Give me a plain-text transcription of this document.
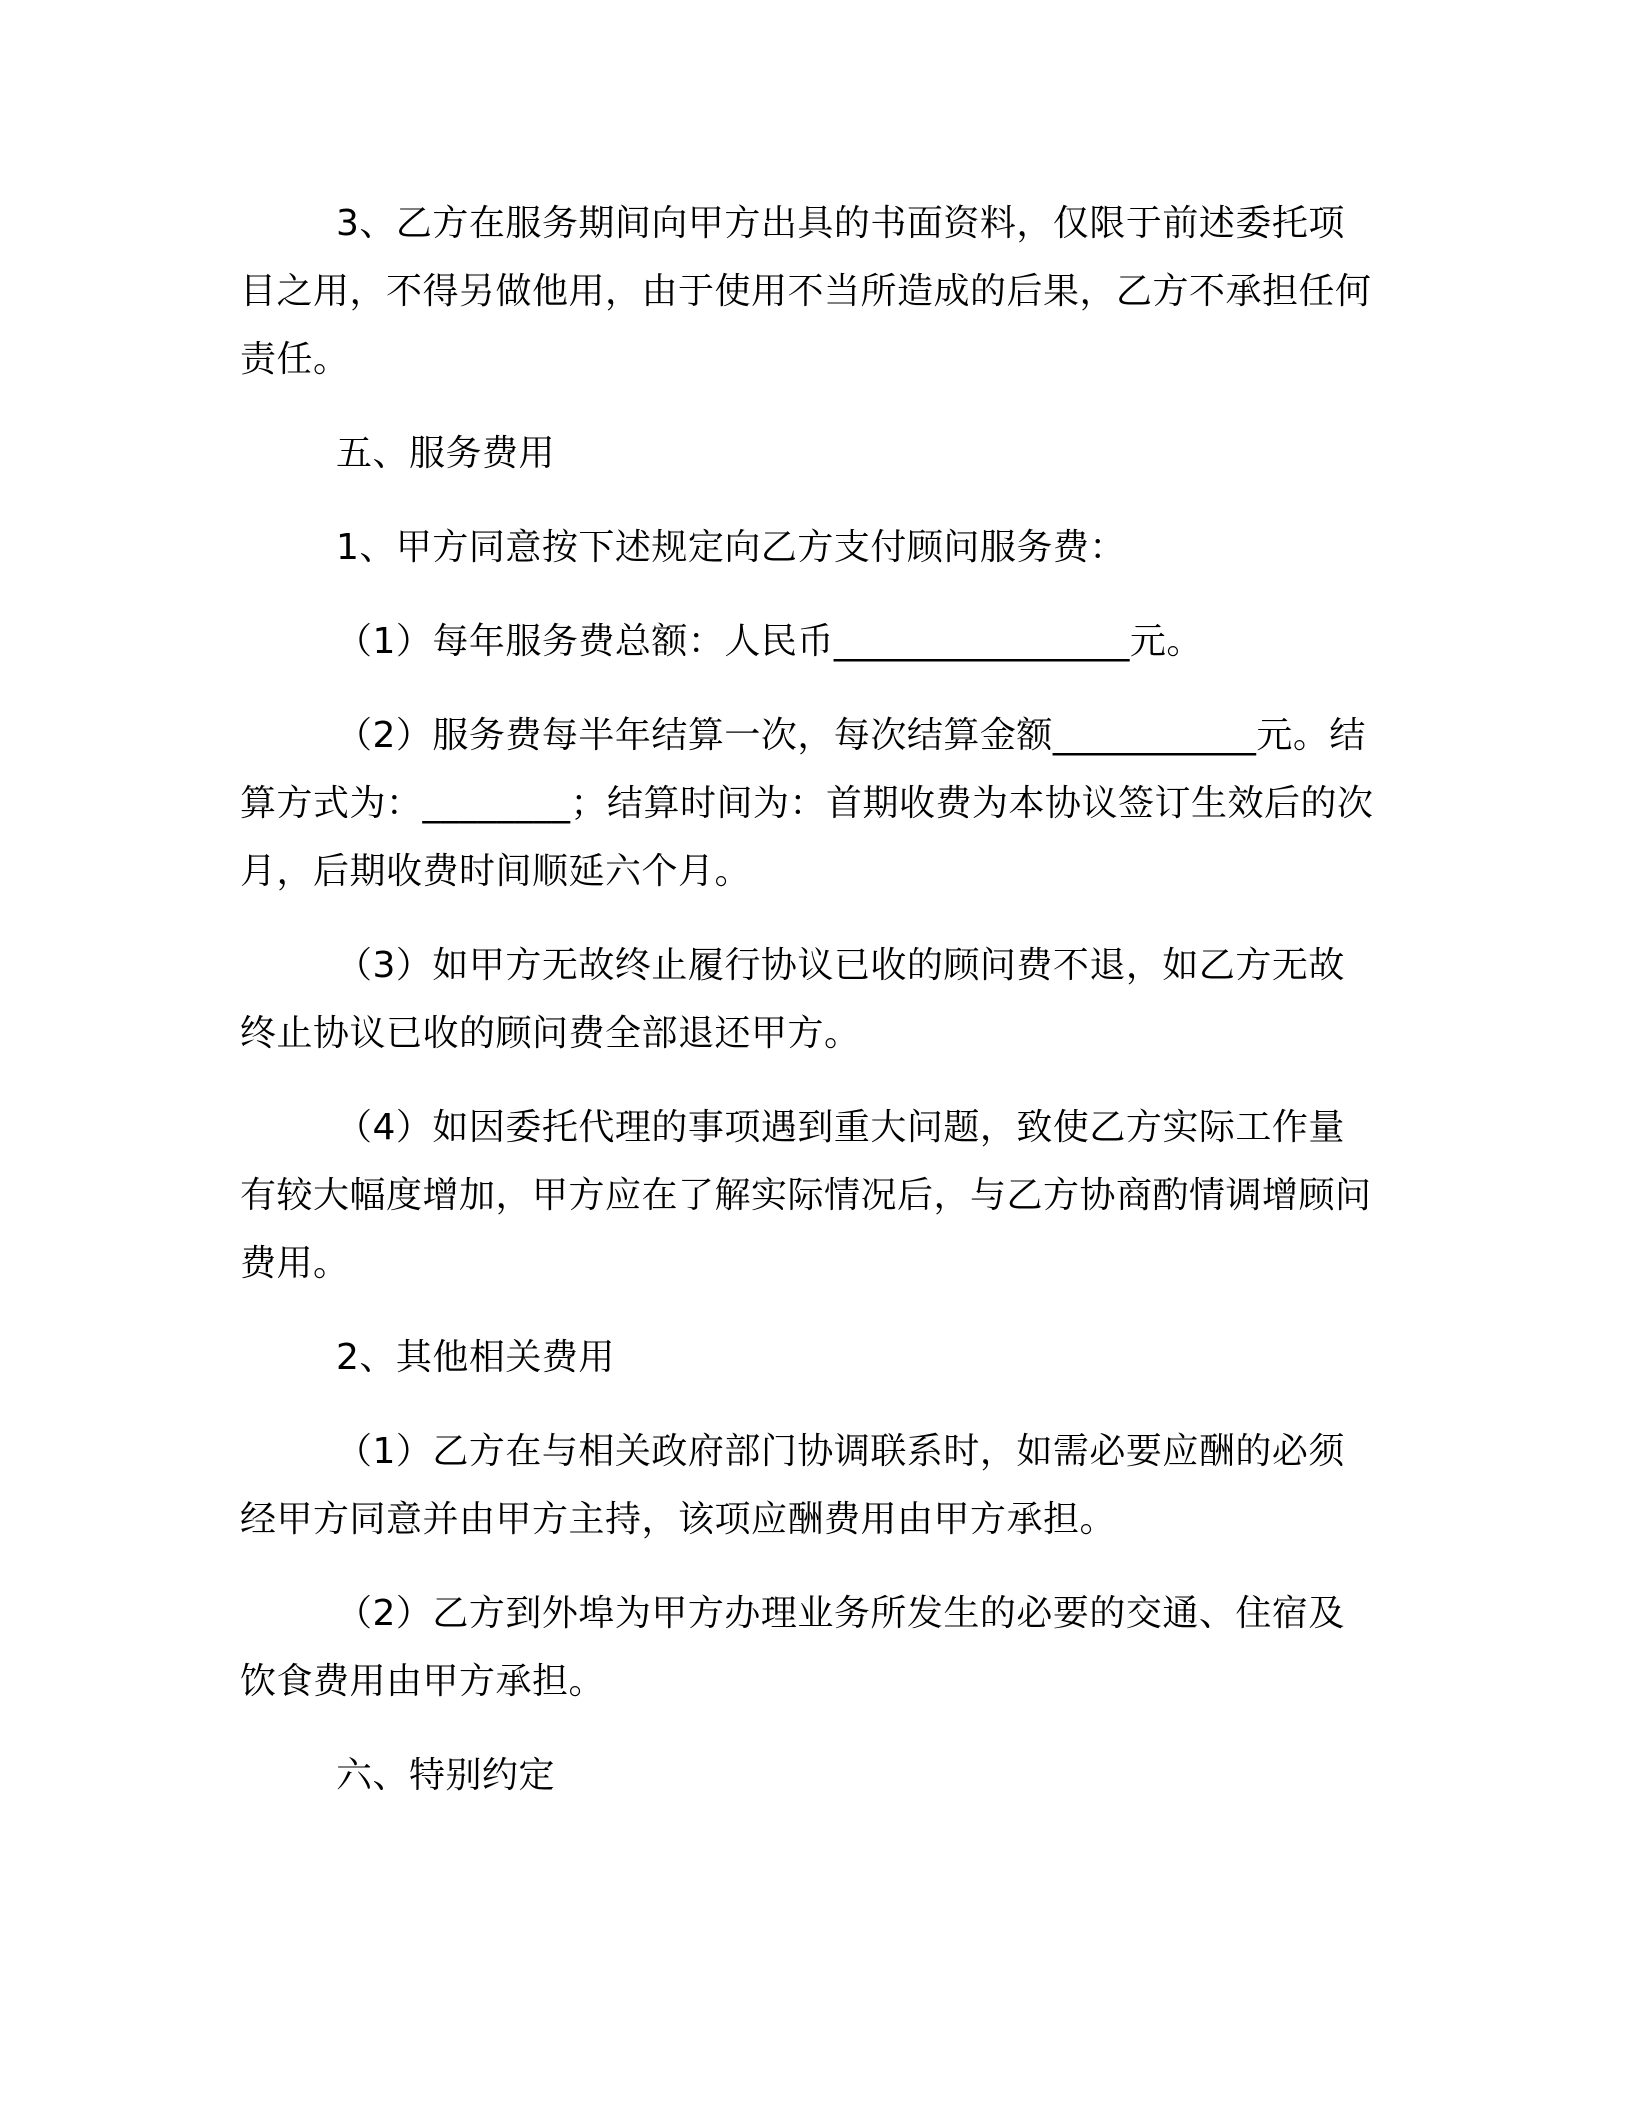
3、乙方在服务期间向甲方出具的书面资料，仅限于前述委托项目之用，不得另做他用，由于使用不当所造成的后果，乙方不承担任何责任。

五、服务费用

1、甲方同意按下述规定向乙方支付顾问服务费：

（1）每年服务费总额：人民币________________元。

（2）服务费每半年结算一次，每次结算金额___________元。结算方式为：________；结算时间为：首期收费为本协议签订生效后的次月，后期收费时间顺延六个月。

（3）如甲方无故终止履行协议已收的顾问费不退，如乙方无故终止协议已收的顾问费全部退还甲方。

（4）如因委托代理的事项遇到重大问题，致使乙方实际工作量有较大幅度增加，甲方应在了解实际情况后，与乙方协商酌情调增顾问费用。

2、其他相关费用

（1）乙方在与相关政府部门协调联系时，如需必要应酬的必须经甲方同意并由甲方主持，该项应酬费用由甲方承担。

（2）乙方到外埠为甲方办理业务所发生的必要的交通、住宿及饮食费用由甲方承担。

六、特别约定
